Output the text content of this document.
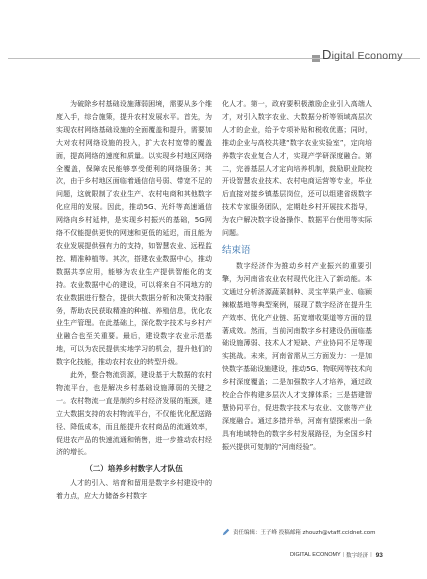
Digital Economy

为破除乡村基础设施薄弱困境，需要从多个维度入手，综合施策，提升农村发展水平。首先，为实现农村网络基础设施的全面覆盖和提升，需要加大对农村网络设施的投入，扩大农村宽带的覆盖面，提高网络的速度和质量。以实现乡村地区网络全覆盖，保障农民能够享受便利的网络服务；其次，由于乡村地区面临着通信信号弱、带宽不足的问题，这就限制了农业生产、农村电商和其他数字化应用的发展。因此，推动5G、光纤等高速通信网络向乡村延伸，是实现乡村振兴的基础，5G网络不仅能提供更快的网速和更低的延迟，而且能为农业发展提供强有力的支持，如智慧农业、远程监控、精准种植等。其次，搭建农业数据中心，推动数据共享应用，能够为农业生产提供智能化的支持。农业数据中心的建设，可以将来自不同地方的农业数据进行整合，提供大数据分析和决策支持服务，帮助农民获取精准的种植、养殖信息，优化农业生产管理。在此基础上，深化数字技术与乡村产业融合也至关重要。最后，建设数字农业示范基地，可以为农民提供实地学习的机会，提升他们的数字化技能，推动农村农业的转型升级。

此外，整合物流资源，建设基于大数据的农村物流平台，也是解决乡村基础设施薄弱的关键之一。农村物流一直是制约乡村经济发展的瓶颈，建立大数据支持的农村物流平台，不仅能优化配送路径、降低成本，而且能提升农村商品的流通效率，促进农产品的快速流通和销售，进一步推动农村经济的增长。

（二）培养乡村数字人才队伍

人才的引入、培育和留用是数字乡村建设中的着力点，应大力储备乡村数字

化人才。第一，政府要积极激励企业引入高端人才，对引入数字农业、大数据分析等领域高层次人才的企业，给予专项补贴和税收优惠；同时，推动企业与高校共建“数字农业实验室”，定向培养数字农业复合人才，实现产学研深度融合。第二，完善基层人才定向培养机制，鼓励职业院校开设智慧农业技术、农村电商运营等专业，毕业后直接对接乡镇基层岗位，还可以组建省级数字技术专家服务团队，定期赴乡村开展技术指导，为农户解决数字设备操作、数据平台使用等实际问题。

结束语

数字经济作为推动乡村产业振兴的重要引擎，为河南省农业农村现代化注入了新动能。本文通过分析济源蔬菜制种、灵宝苹果产业、临颍辣椒基地等典型案例，展现了数字经济在提升生产效率、优化产业链、拓宽增收渠道等方面的显著成效。然而，当前河南数字乡村建设仍面临基础设施薄弱、技术人才短缺、产业协同不足等现实挑战。未来，河南省需从三方面发力：一是加快数字基础设施建设，推动5G、物联网等技术向乡村深度覆盖；二是加强数字人才培养，通过政校企合作构建多层次人才支撑体系；三是搭建智慧协同平台，促进数字技术与农业、文旅等产业深度融合。通过多措并举，河南有望探索出一条具有地域特色的数字乡村发展路径，为全国乡村振兴提供可复制的“河南经验”。

责任编辑：王子峰 投稿邮箱 zhouzh@vtaff.ccidnet.com
DIGITAL ECONOMY | 数字经济 | 93
